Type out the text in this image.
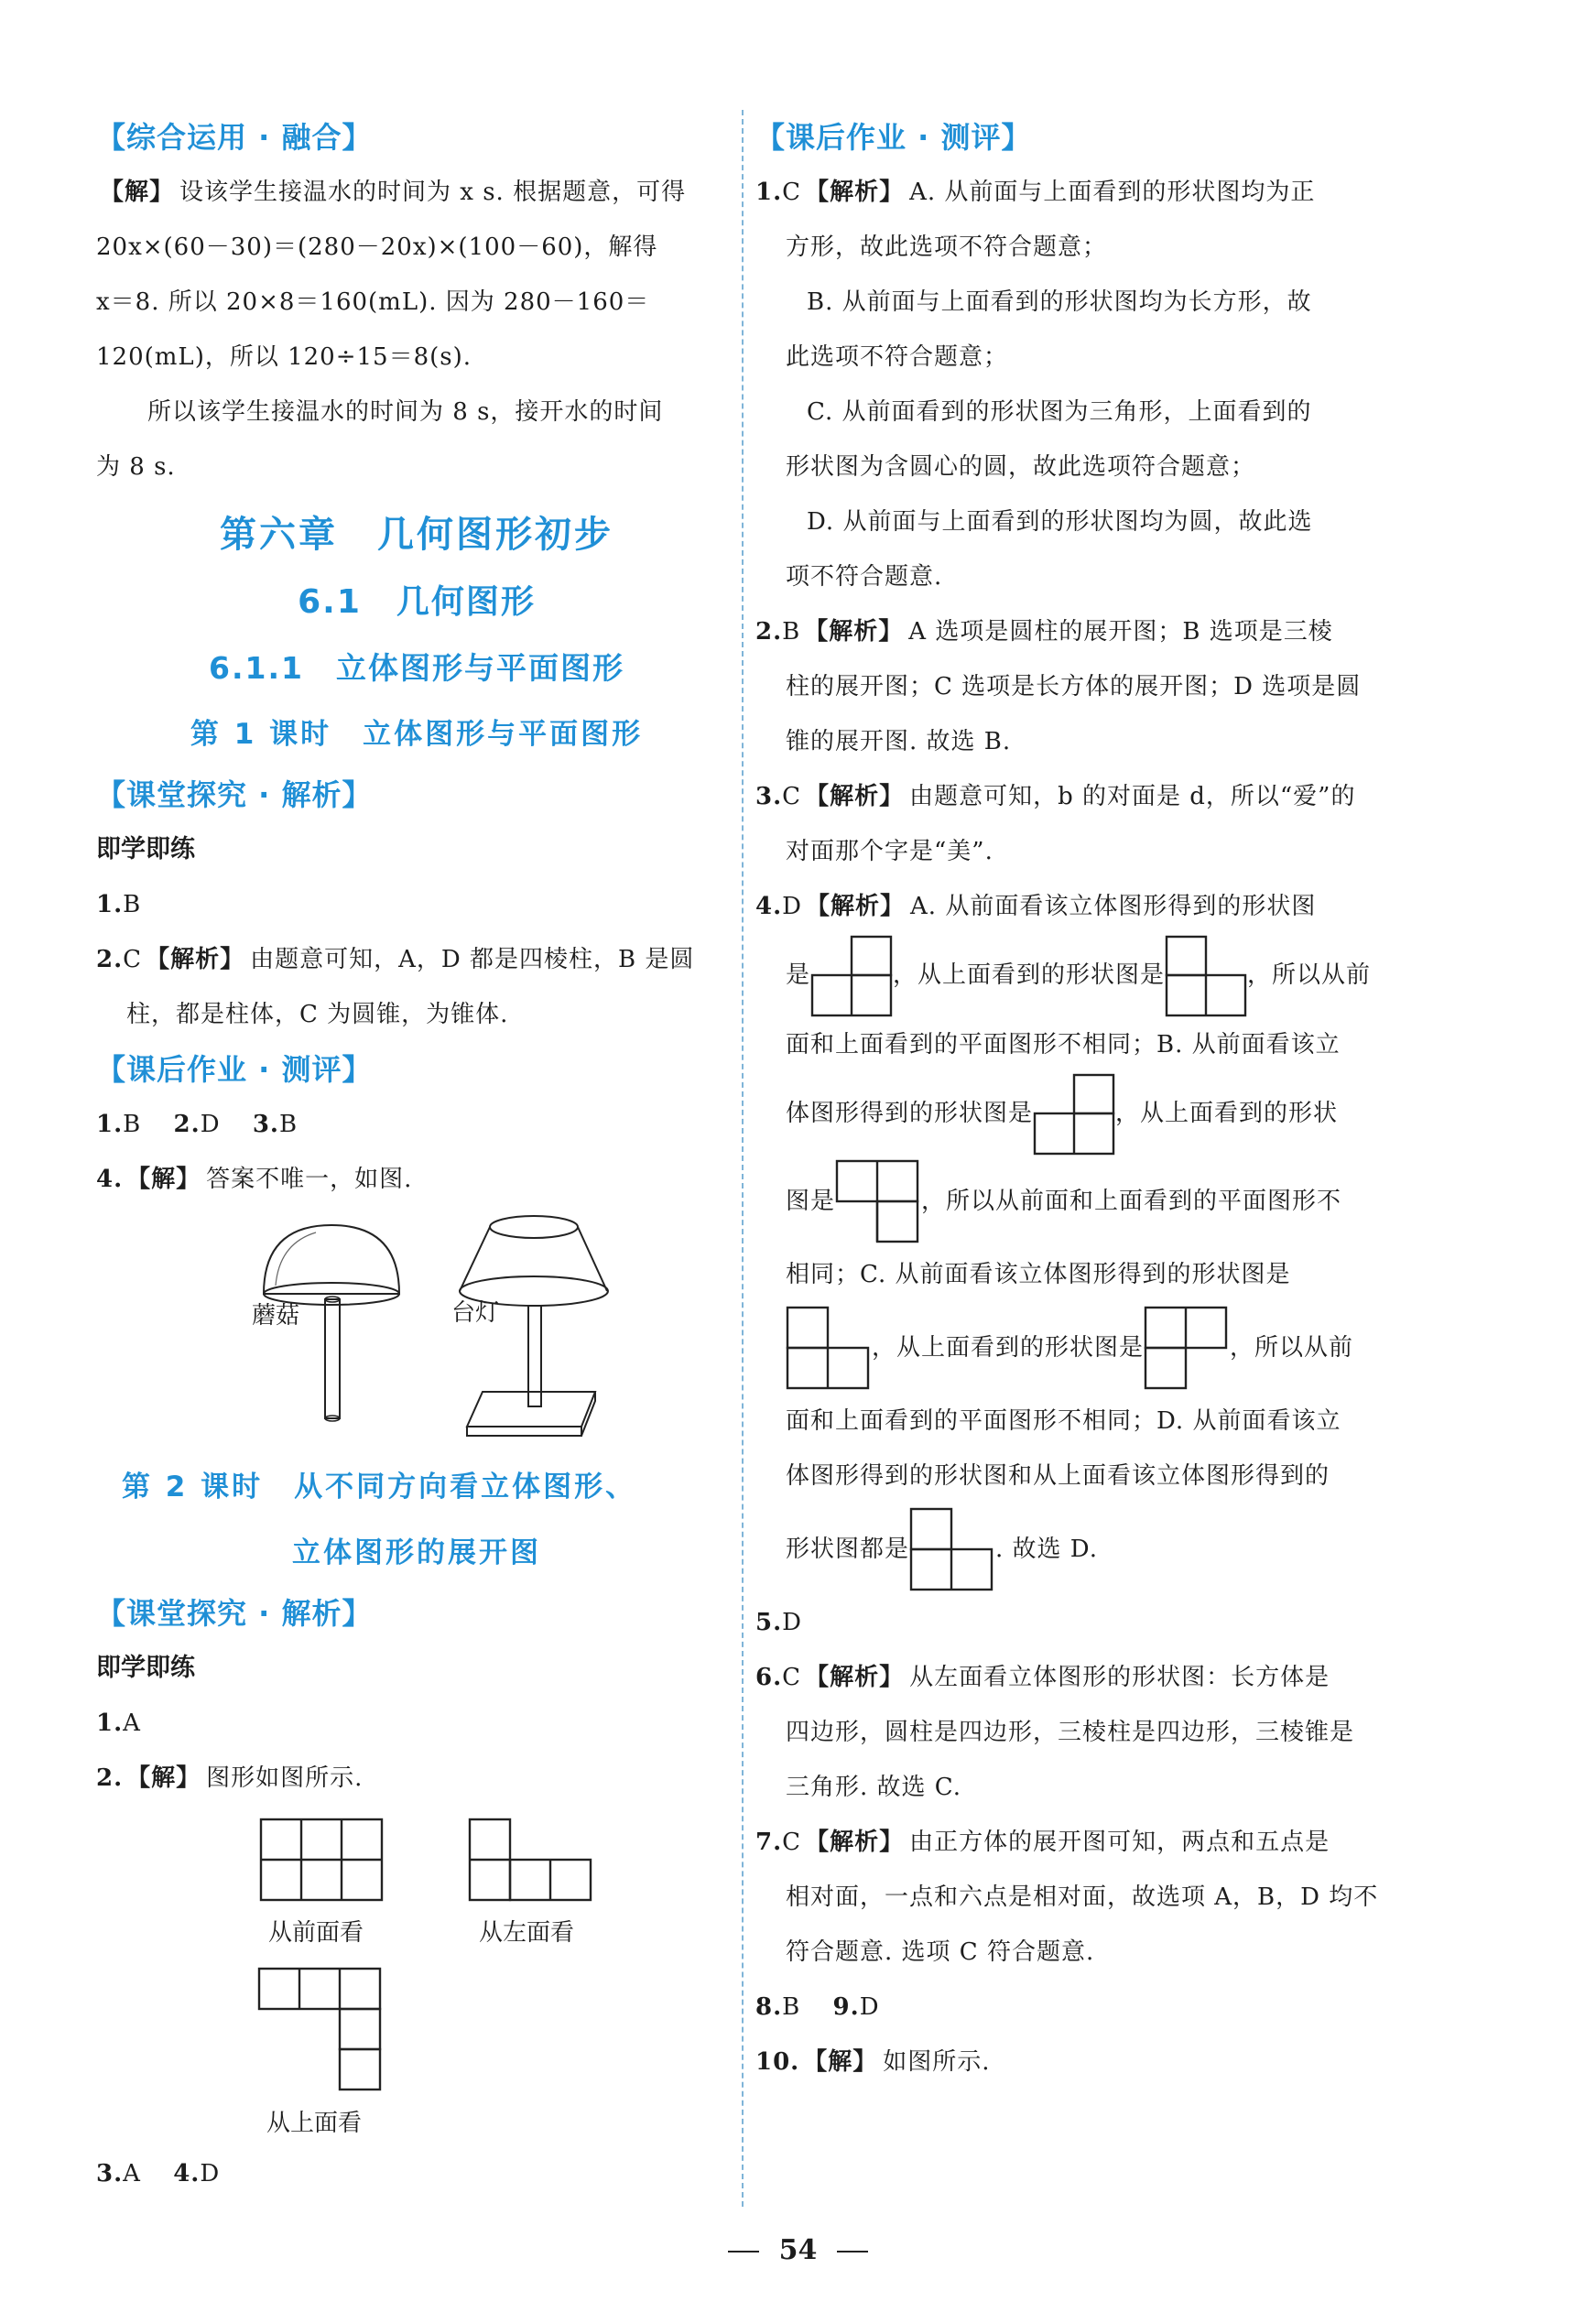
【综合运用 · 融合】
【解】 设该学生接温水的时间为 x s. 根据题意，可得
20x×(60－30)＝(280－20x)×(100－60)，解得
x＝8. 所以 20×8＝160(mL). 因为 280－160＝
120(mL)，所以 120÷15＝8(s).
所以该学生接温水的时间为 8 s，接开水的时间
为 8 s.
第六章　几何图形初步
6.1　几何图形
6.1.1　立体图形与平面图形
第 1 课时　立体图形与平面图形
【课堂探究 · 解析】
即学即练
1.B
2.C 【解析】 由题意可知，A，D 都是四棱柱，B 是圆
柱，都是柱体，C 为圆锥，为锥体.
【课后作业 · 测评】
1.B 2.D 3.B
4. 【解】 答案不唯一，如图.
蘑菇	台灯
第 2 课时　从不同方向看立体图形、
立体图形的展开图
【课堂探究 · 解析】
即学即练
1.A
2. 【解】 图形如图所示.
从前面看	从左面看
从上面看
3.A 4.D
【课后作业 · 测评】
1.C 【解析】 A. 从前面与上面看到的形状图均为正
方形，故此选项不符合题意；
B. 从前面与上面看到的形状图均为长方形，故
此选项不符合题意；
C. 从前面看到的形状图为三角形，上面看到的
形状图为含圆心的圆，故此选项符合题意；
D. 从前面与上面看到的形状图均为圆，故此选
项不符合题意.
2.B 【解析】 A 选项是圆柱的展开图；B 选项是三棱
柱的展开图；C 选项是长方体的展开图；D 选项是圆
锥的展开图. 故选 B.
3.C 【解析】 由题意可知，b 的对面是 d，所以“爱”的
对面那个字是“美”.
4.D 【解析】 A. 从前面看该立体图形得到的形状图
是	，从上面看到的形状图是	，所以从前
面和上面看到的平面图形不相同；B. 从前面看该立
体图形得到的形状图是	，从上面看到的形状
图是	，所以从前面和上面看到的平面图形不
相同；C. 从前面看该立体图形得到的形状图是
，从上面看到的形状图是	，所以从前
面和上面看到的平面图形不相同；D. 从前面看该立
体图形得到的形状图和从上面看该立体图形得到的
形状图都是	. 故选 D.
5.D
6.C 【解析】 从左面看立体图形的形状图：长方体是
四边形，圆柱是四边形，三棱柱是四边形，三棱锥是
三角形. 故选 C.
7.C 【解析】 由正方体的展开图可知，两点和五点是
相对面，一点和六点是相对面，故选项 A，B，D 均不
符合题意. 选项 C 符合题意.
8.B 9.D
10. 【解】 如图所示.
54
